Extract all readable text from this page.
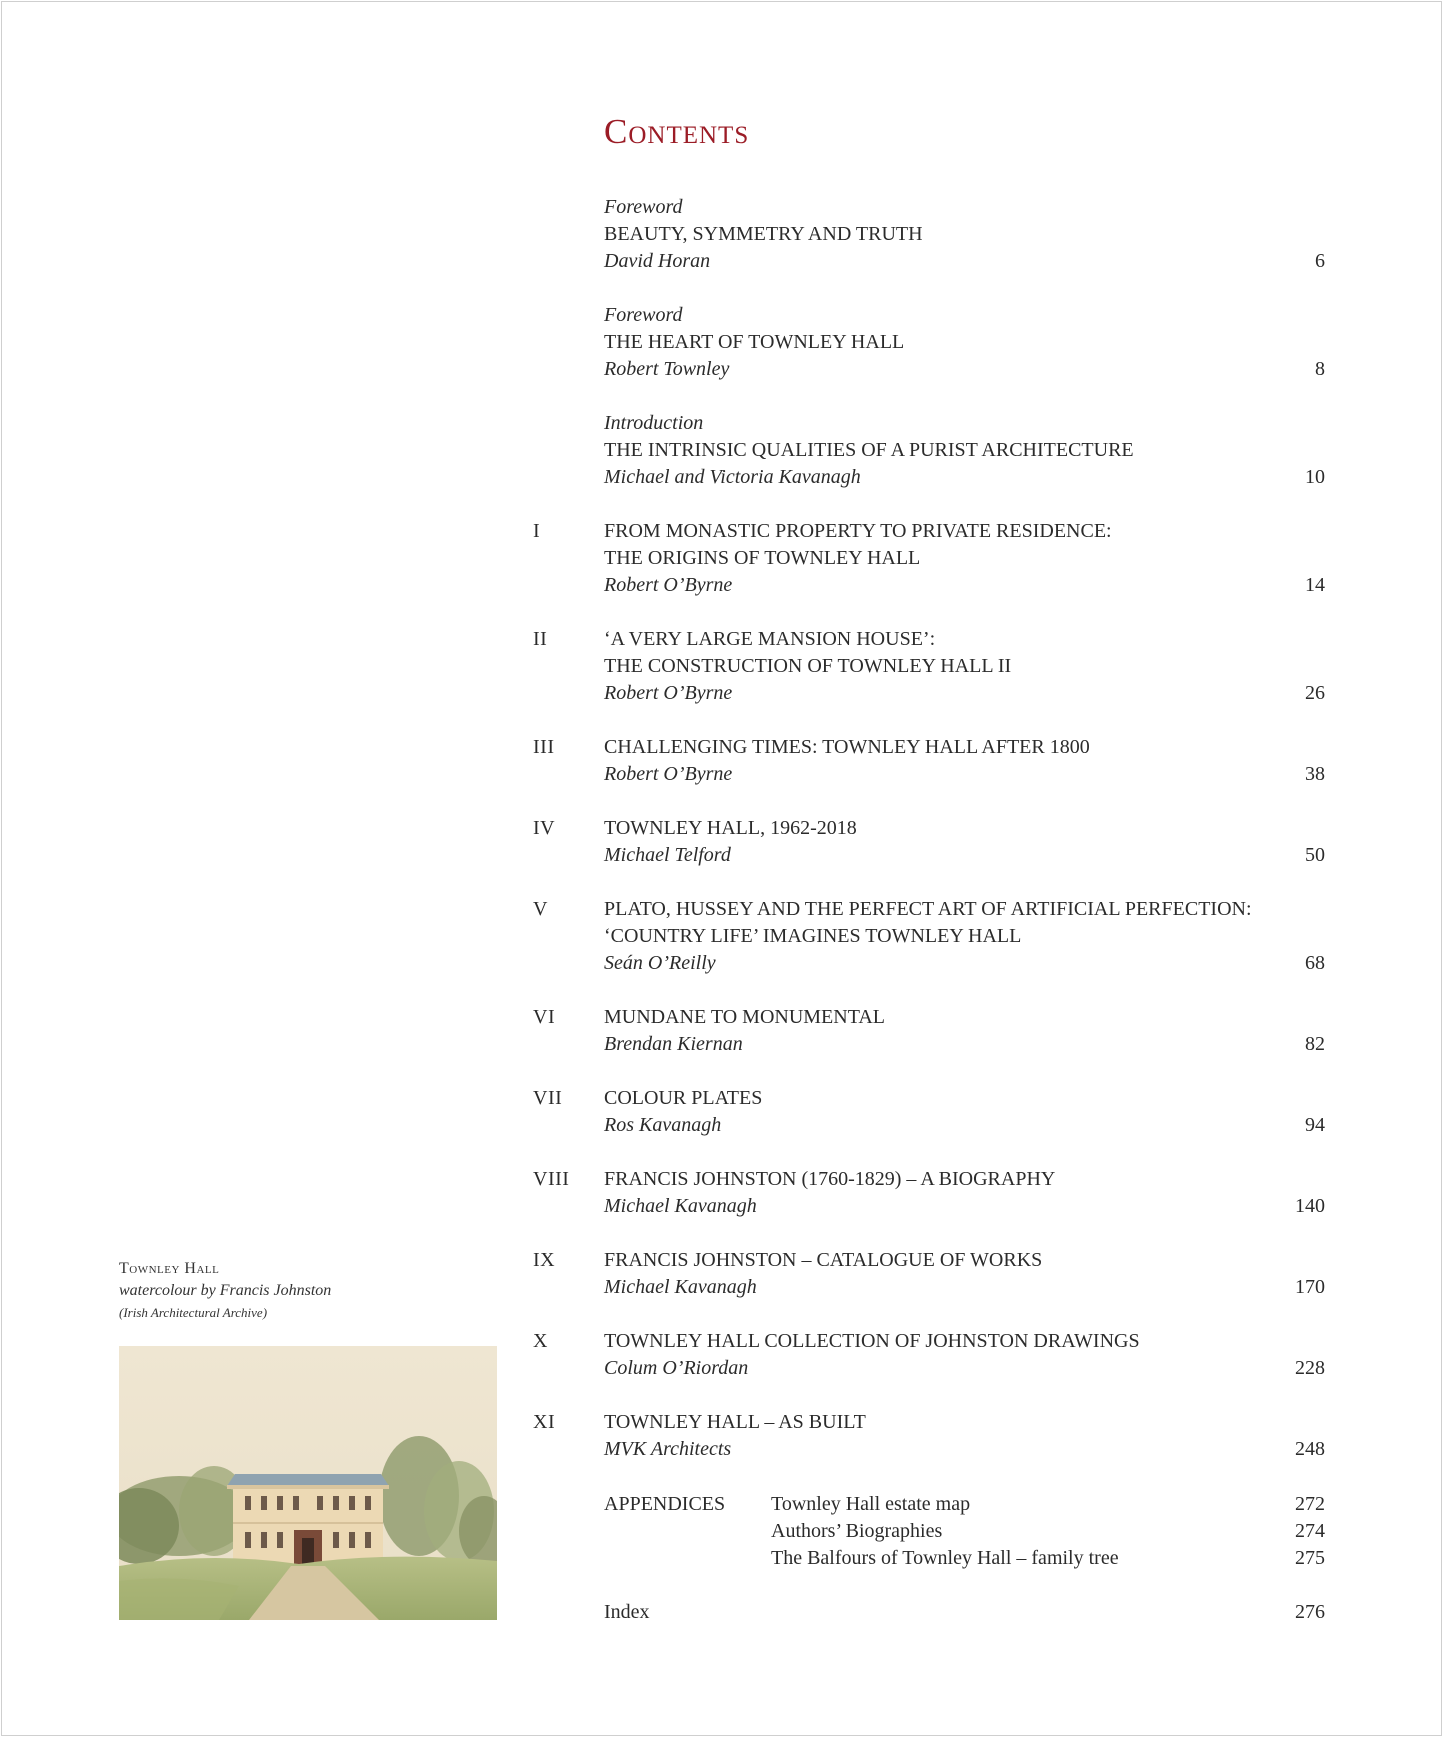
Contents
Foreword
BEAUTY, SYMMETRY AND TRUTH
David Horan	6
Foreword
THE HEART OF TOWNLEY HALL
Robert Townley	8
Introduction
THE INTRINSIC QUALITIES OF A PURIST ARCHITECTURE
Michael and Victoria Kavanagh	10
I	FROM MONASTIC PROPERTY TO PRIVATE RESIDENCE:
THE ORIGINS OF TOWNLEY HALL
Robert O’Byrne	14
II	‘A VERY LARGE MANSION HOUSE’:
THE CONSTRUCTION OF TOWNLEY HALL II
Robert O’Byrne	26
III CHALLENGING TIMES: TOWNLEY HALL AFTER 1800
Robert O’Byrne	38
IV TOWNLEY HALL, 1962-2018
Michael Telford	50
V	PLATO, HUSSEY AND THE PERFECT ART OF ARTIFICIAL PERFECTION:
‘COUNTRY LIFE’ IMAGINES TOWNLEY HALL
Seán O’Reilly	68
VI MUNDANE TO MONUMENTAL
Brendan Kiernan	82
VII COLOUR PLATES
Ros Kavanagh	94
VIII FRANCIS JOHNSTON (1760-1829) – A BIOGRAPHY
Michael Kavanagh	140
IX FRANCIS JOHNSTON – CATALOGUE OF WORKS
Michael Kavanagh	170
X	TOWNLEY HALL COLLECTION OF JOHNSTON DRAWINGS
Colum O’Riordan	228
XI TOWNLEY HALL – AS BUILT
MVK Architects	248
APPENDICES Townley Hall estate map	272
Authors’ Biographies	274
The Balfours of Townley Hall – family tree	275
Index	276
Townley Hall
watercolour by Francis Johnston
(Irish Architectural Archive)
